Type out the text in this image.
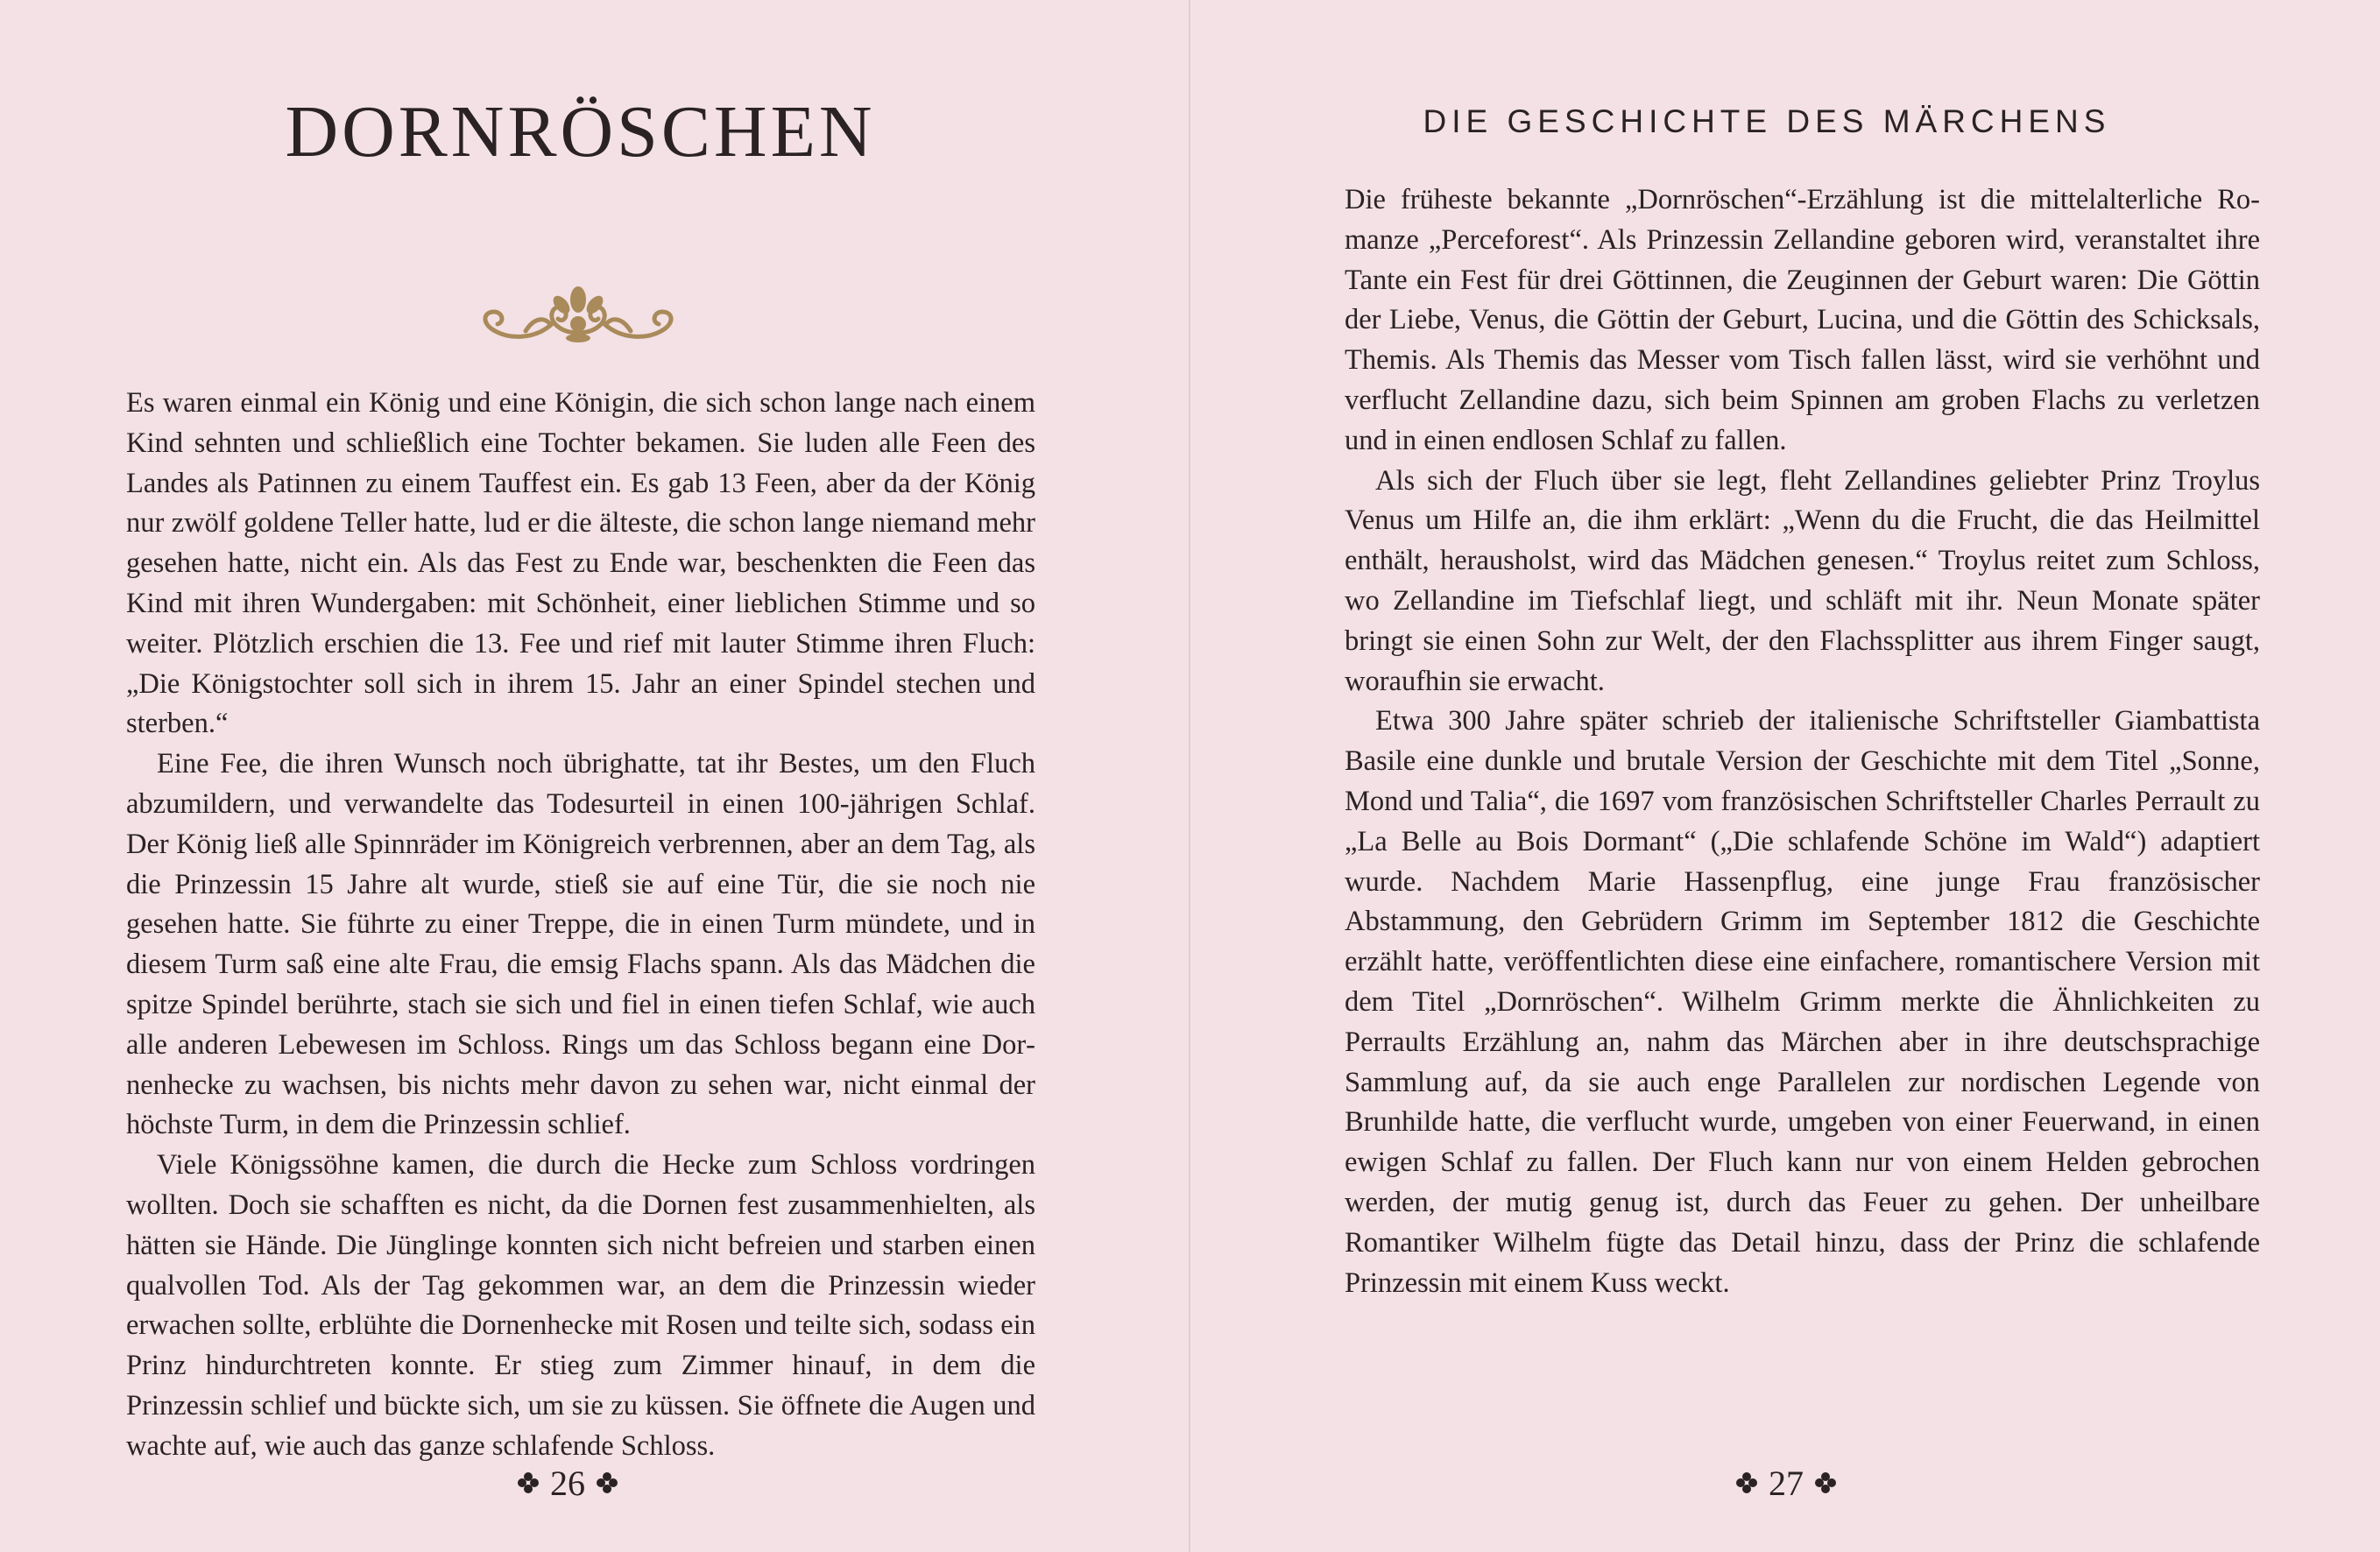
DORNRÖSCHEN

Es waren einmal ein König und eine Königin, die sich schon lange nach einem Kind sehnten und schließlich eine Tochter bekamen. Sie luden alle Feen des Landes als Patinnen zu einem Tauffest ein. Es gab 13 Feen, aber da der König nur zwölf goldene Teller hatte, lud er die älteste, die schon lange niemand mehr gesehen hatte, nicht ein. Als das Fest zu Ende war, beschenkten die Feen das Kind mit ihren Wundergaben: mit Schönheit, einer lieblichen Stimme und so weiter. Plötzlich erschien die 13. Fee und rief mit lauter Stimme ihren Fluch: „Die Königstochter soll sich in ihrem 15. Jahr an einer Spindel stechen und sterben.“

Eine Fee, die ihren Wunsch noch übrighatte, tat ihr Bestes, um den Fluch abzumildern, und verwandelte das Todesurteil in einen 100-jährigen Schlaf. Der König ließ alle Spinnräder im Königreich verbrennen, aber an dem Tag, als die Prinzessin 15 Jahre alt wurde, stieß sie auf eine Tür, die sie noch nie gesehen hatte. Sie führte zu einer Treppe, die in einen Turm mündete, und in diesem Turm saß eine alte Frau, die emsig Flachs spann. Als das Mädchen die spitze Spindel berührte, stach sie sich und fiel in einen tiefen Schlaf, wie auch alle anderen Lebewesen im Schloss. Rings um das Schloss begann eine Dornenhecke zu wachsen, bis nichts mehr davon zu sehen war, nicht einmal der höchste Turm, in dem die Prinzessin schlief.

Viele Königssöhne kamen, die durch die Hecke zum Schloss vordringen wollten. Doch sie schafften es nicht, da die Dornen fest zusammenhielten, als hätten sie Hände. Die Jünglinge konnten sich nicht befreien und starben einen qualvollen Tod. Als der Tag gekommen war, an dem die Prinzessin wieder erwachen sollte, erblühte die Dornenhecke mit Rosen und teilte sich, sodass ein Prinz hindurchtreten konnte. Er stieg zum Zimmer hinauf, in dem die Prinzessin schlief und bückte sich, um sie zu küssen. Sie öffnete die Augen und wachte auf, wie auch das ganze schlafende Schloss.

26
DIE GESCHICHTE DES MÄRCHENS

Die früheste bekannte „Dornröschen“-Erzählung ist die mittelalterliche Romanze „Perceforest“. Als Prinzessin Zellandine geboren wird, veranstaltet ihre Tante ein Fest für drei Göttinnen, die Zeuginnen der Geburt waren: Die Göttin der Liebe, Venus, die Göttin der Geburt, Lucina, und die Göttin des Schicksals, Themis. Als Themis das Messer vom Tisch fallen lässt, wird sie verhöhnt und verflucht Zellandine dazu, sich beim Spinnen am groben Flachs zu verletzen und in einen endlosen Schlaf zu fallen.

Als sich der Fluch über sie legt, fleht Zellandines geliebter Prinz Troylus Venus um Hilfe an, die ihm erklärt: „Wenn du die Frucht, die das Heilmittel enthält, herausholst, wird das Mädchen genesen.“ Troylus reitet zum Schloss, wo Zellandine im Tiefschlaf liegt, und schläft mit ihr. Neun Monate später bringt sie einen Sohn zur Welt, der den Flachssplitter aus ihrem Finger saugt, woraufhin sie erwacht.

Etwa 300 Jahre später schrieb der italienische Schriftsteller Giambattista Basile eine dunkle und brutale Version der Geschichte mit dem Titel „Sonne, Mond und Talia“, die 1697 vom französischen Schriftsteller Charles Perrault zu „La Belle au Bois Dormant“ („Die schlafende Schöne im Wald“) adaptiert wurde. Nachdem Marie Hassenpflug, eine junge Frau französischer Abstammung, den Gebrüdern Grimm im September 1812 die Geschichte erzählt hatte, veröffentlichten diese eine einfachere, romantischere Version mit dem Titel „Dornröschen“. Wilhelm Grimm merkte die Ähnlichkeiten zu Perraults Erzählung an, nahm das Märchen aber in ihre deutschsprachige Sammlung auf, da sie auch enge Parallelen zur nordischen Legende von Brunhilde hatte, die verflucht wurde, umgeben von einer Feuerwand, in einen ewigen Schlaf zu fallen. Der Fluch kann nur von einem Helden gebrochen werden, der mutig genug ist, durch das Feuer zu gehen. Der unheilbare Romantiker Wilhelm fügte das Detail hinzu, dass der Prinz die schlafende Prinzessin mit einem Kuss weckt.

27
